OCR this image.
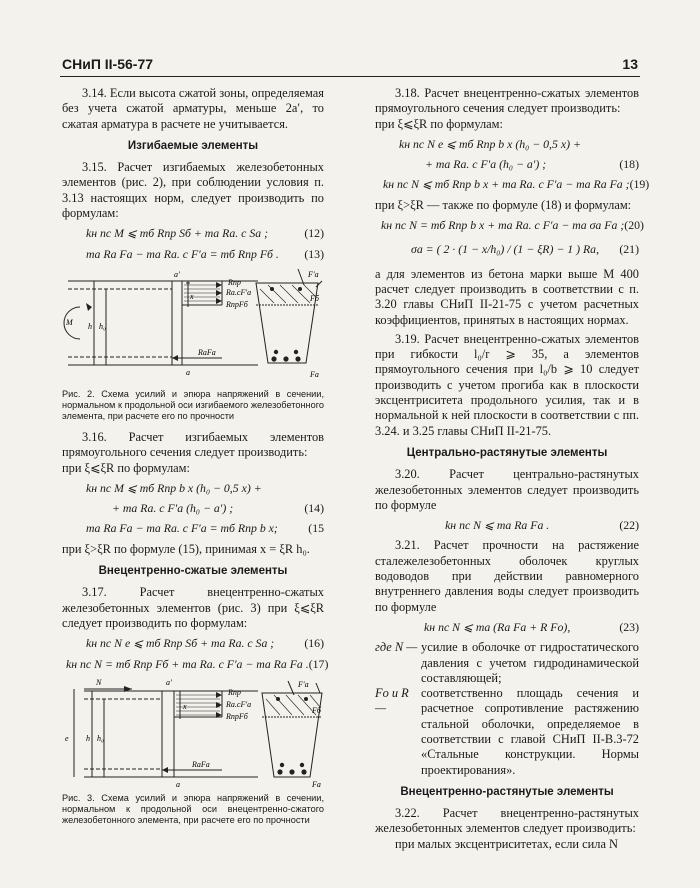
СНиП II-56-77	13

3.14. Если высота сжатой зоны, определяемая без учета сжатой арматуры, меньше 2a′, то сжатая арматура в расчете не учитывается.

Изгибаемые элементы

3.15. Расчет изгибаемых железобетонных элементов (рис. 2), при соблюдении условия п. 3.13 настоящих норм, следует производить по формулам:

kн nс M ⩽ mб Rпр Sб + mа Rа. с Sа ;	(12)
mа Rа Fа − mа Rа. с F′а = mб Rпр Fб . (13)
a′
Rпр
Rа.сF′а
RпрFб
x
h h₀
M
F′а
Fб
Fа
a
RаFа
Рис. 2. Схема усилий и эпюра напряжений в сечении, нормальном к продольной оси изгибаемого железобетонного элемента, при расчете его по прочности

3.16. Расчет изгибаемых элементов прямоугольного сечения следует производить:

при ξ⩽ξR по формулам:

kн nс M ⩽ mб Rпр b x (h₀ − 0,5 x) +
+ mа Rа. с F′а (h₀ − a′) ;	(14)
mа Rа Fа − mа Rа. с F′а = mб Rпр b x;	(15

при ξ>ξR по формуле (15), принимая x = ξR h₀.

Внецентренно-сжатые элементы

3.17. Расчет внецентренно-сжатых железобетонных элементов (рис. 3) при ξ⩽ξR следует производить по формулам:

kн nс N e ⩽ mб Rпр Sб + mа Rа. с Sа ;	(16)
kн nс N = mб Rпр Fб + mа Rа. с F′а − mа Rа Fа . (17)
N	a′
Rпр
Rа.сF′а
RпрFб
x
h h₀
e
F′а
Fб
Fа
a
RаFа
Рис. 3. Схема усилий и эпюра напряжений в сечении, нормальном к продольной оси внецентренно-сжатого железобетонного элемента, при расчете его по прочности

3.18. Расчет внецентренно-сжатых элементов прямоугольного сечения следует производить:

при ξ⩽ξR по формулам:

kн nс N e ⩽ mб Rпр b x (h₀ − 0,5 x) +
+ mа Rа. с F′а (h₀ − a′) ;	(18)
kн nс N ⩽ mб Rпр b x + mа Rа. с F′а − mа Rа Fа ; (19)

при ξ>ξR — также по формуле (18) и формулам:

kн nс N = mб Rпр b x + mа Rа. с F′а − mа σа Fа ; (20)
σа = ( 2 · (1 − x/h₀) / (1 − ξR) − 1 ) Rа, (21)

а для элементов из бетона марки выше М 400 расчет следует производить в соответствии с п. 3.20 главы СНиП II-21-75 с учетом расчетных коэффициентов, принятых в настоящих нормах.

3.19. Расчет внецентренно-сжатых элементов при гибкости l₀/r ⩾ 35, а элементов прямоугольного сечения при l₀/b ⩾ 10 следует производить с учетом прогиба как в плоскости эксцентриситета продольного усилия, так и в нормальной к ней плоскости в соответствии с пп. 3.24. и 3.25 главы СНиП II-21-75.

Центрально-растянутые элементы

3.20. Расчет центрально-растянутых железобетонных элементов следует производить по формуле

kн nс N ⩽ mа Rа Fа .	(22)

3.21. Расчет прочности на растяжение сталежелезобетонных оболочек круглых водоводов при действии равномерного внутреннего давления воды следует производить по формуле

kн nс N ⩽ mа (Rа Fа + R Fо),	(23)
где N — усилие в оболочке от гидростатического давления с учетом гидродинамической составляющей;
Fо и R —
соответственно площадь сечения и расчетное сопротивление растяжению стальной оболочки, определяемое в соответствии с главой СНиП II-В.3-72 «Стальные конструкции. Нормы проектирования».
Внецентренно-растянутые элементы

3.22. Расчет внецентренно-растянутых железобетонных элементов следует производить:

при малых эксцентриситетах, если сила N
